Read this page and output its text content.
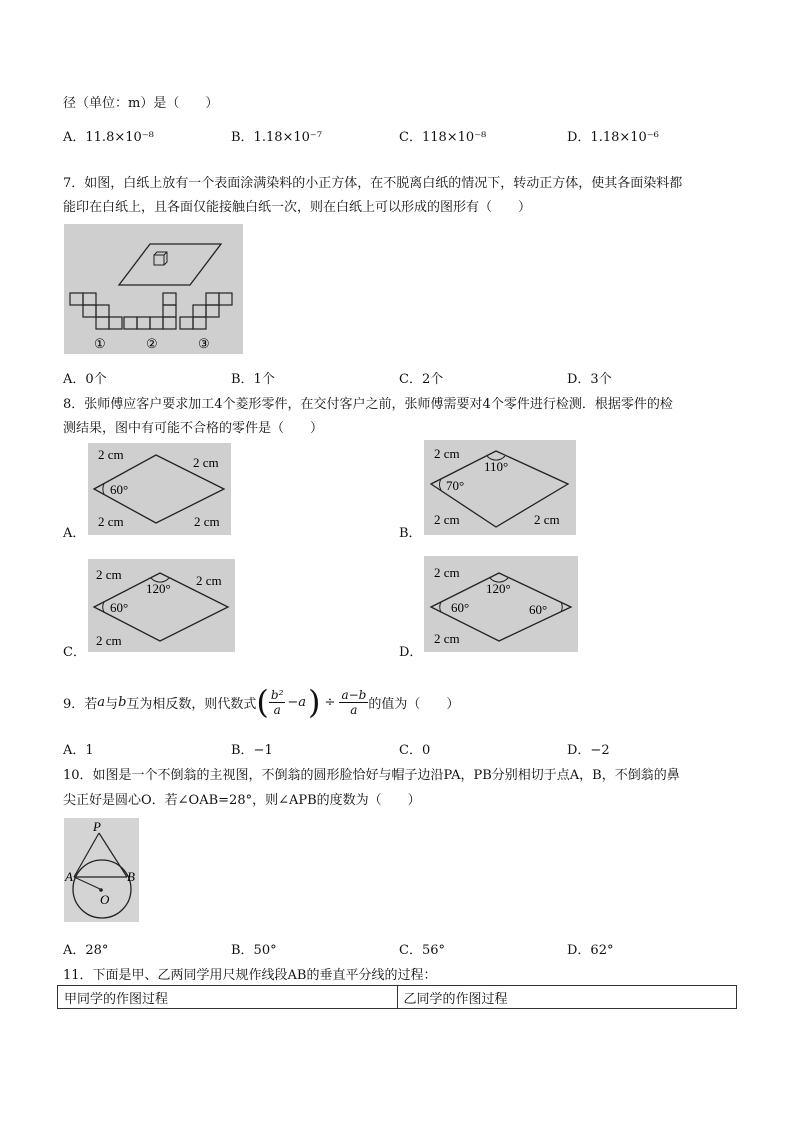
径（单位：m）是（　　）
A．11.8×10⁻⁸	B．1.18×10⁻⁷	C．118×10⁻⁸	D．1.18×10⁻⁶
7．如图，白纸上放有一个表面涂满染料的小正方体，在不脱离白纸的情况下，转动正方体，使其各面染料都
能印在白纸上，且各面仅能接触白纸一次，则在白纸上可以形成的图形有（　　）
①	②	③
A．0个	B．1个	C．2个	D．3个
8．张师傅应客户要求加工4个菱形零件，在交付客户之前，张师傅需要对4个零件进行检测．根据零件的检
测结果，图中有可能不合格的零件是（　　）
A．
2 cm
2 cm
60°
2 cm	2 cm
B．
2 cm
110°
70°
2 cm	2 cm
C．
2 cm
120°
2 cm
60°
2 cm
D．
2 cm
120°
60°	60°
2 cm
9．若 a 与 b 互为相反数，则代数式 ( $\frac{\text{b²}}{a} -a$ ) ÷ $\frac{a-b}{a}$ 的值为（　　）
A．1	B．−1	C．0	D．−2
10．如图是一个不倒翁的主视图，不倒翁的圆形脸恰好与帽子边沿PA，PB分别相切于点A，B，不倒翁的鼻
尖正好是圆心O．若∠OAB=28°，则∠APB的度数为（　　）
P
A	B
O
A．28°	B．50°	C．56°	D．62°
11．下面是甲、乙两同学用尺规作线段AB的垂直平分线的过程：
甲同学的作图过程	乙同学的作图过程
